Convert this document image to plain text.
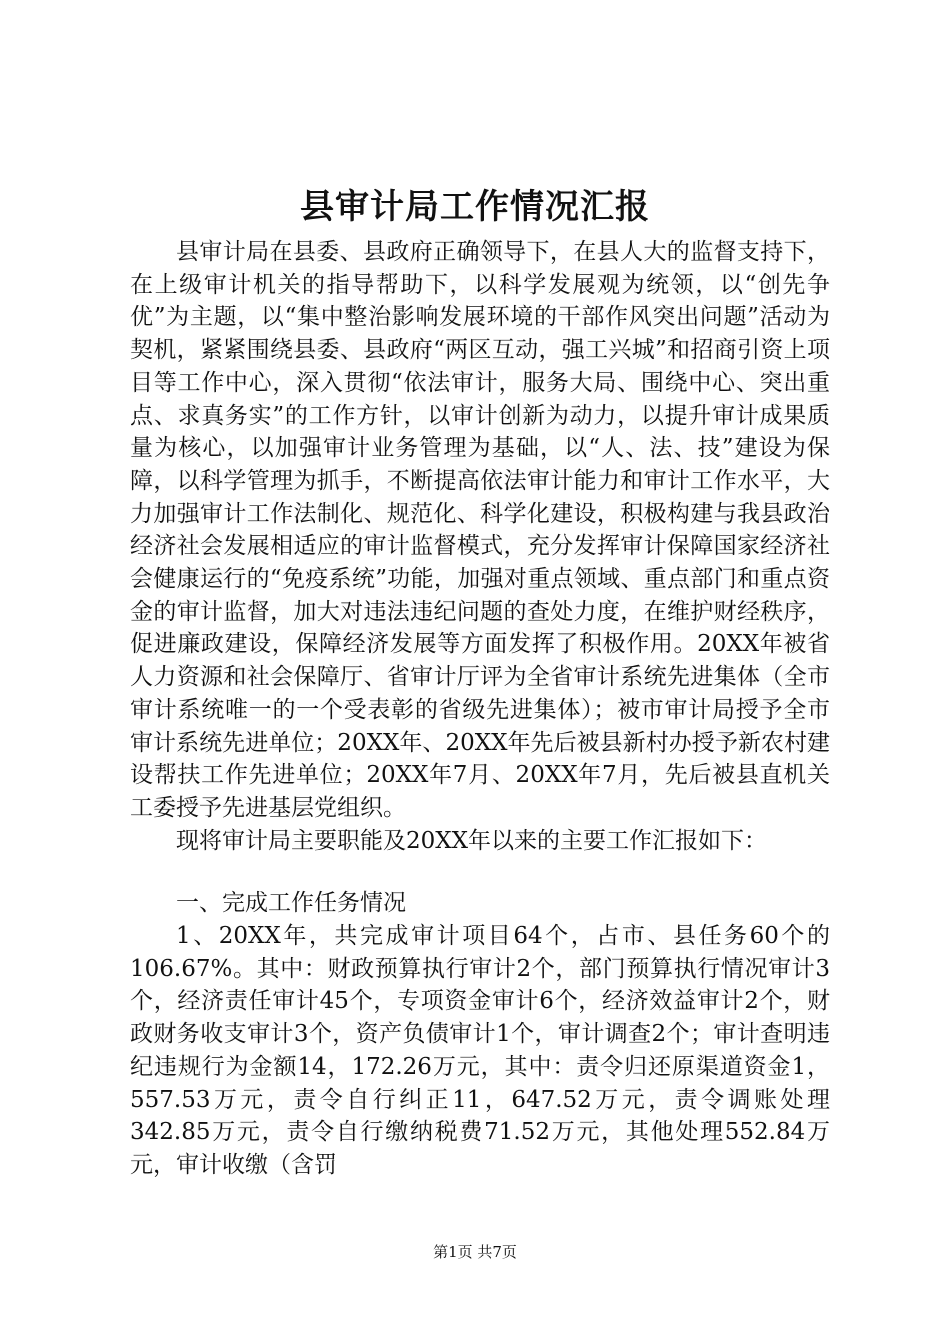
县审计局工作情况汇报

县审计局在县委、县政府正确领导下，在县人大的监督支持下，在上级审计机关的指导帮助下，以科学发展观为统领，以“创先争优”为主题，以“集中整治影响发展环境的干部作风突出问题”活动为契机，紧紧围绕县委、县政府“两区互动，强工兴城”和招商引资上项目等工作中心，深入贯彻“依法审计，服务大局、围绕中心、突出重点、求真务实”的工作方针，以审计创新为动力，以提升审计成果质量为核心，以加强审计业务管理为基础，以“人、法、技”建设为保障，以科学管理为抓手，不断提高依法审计能力和审计工作水平，大力加强审计工作法制化、规范化、科学化建设，积极构建与我县政治经济社会发展相适应的审计监督模式，充分发挥审计保障国家经济社会健康运行的“免疫系统”功能，加强对重点领域、重点部门和重点资金的审计监督，加大对违法违纪问题的查处力度，在维护财经秩序，促进廉政建设，保障经济发展等方面发挥了积极作用。20XX年被省人力资源和社会保障厅、省审计厅评为全省审计系统先进集体（全市审计系统唯一的一个受表彰的省级先进集体）；被市审计局授予全市审计系统先进单位；20XX年、20XX年先后被县新村办授予新农村建设帮扶工作先进单位；20XX年7月、20XX年7月，先后被县直机关工委授予先进基层党组织。

现将审计局主要职能及20XX年以来的主要工作汇报如下：

一、完成工作任务情况

1、20XX年，共完成审计项目64个，占市、县任务60个的106.67%。其中：财政预算执行审计2个，部门预算执行情况审计3个，经济责任审计45个，专项资金审计6个，经济效益审计2个，财政财务收支审计3个，资产负债审计1个，审计调查2个；审计查明违纪违规行为金额14，172.26万元，其中：责令归还原渠道资金1，557.53万元，责令自行纠正11，647.52万元，责令调账处理342.85万元，责令自行缴纳税费71.52万元，其他处理552.84万元，审计收缴（含罚

第1页 共7页
